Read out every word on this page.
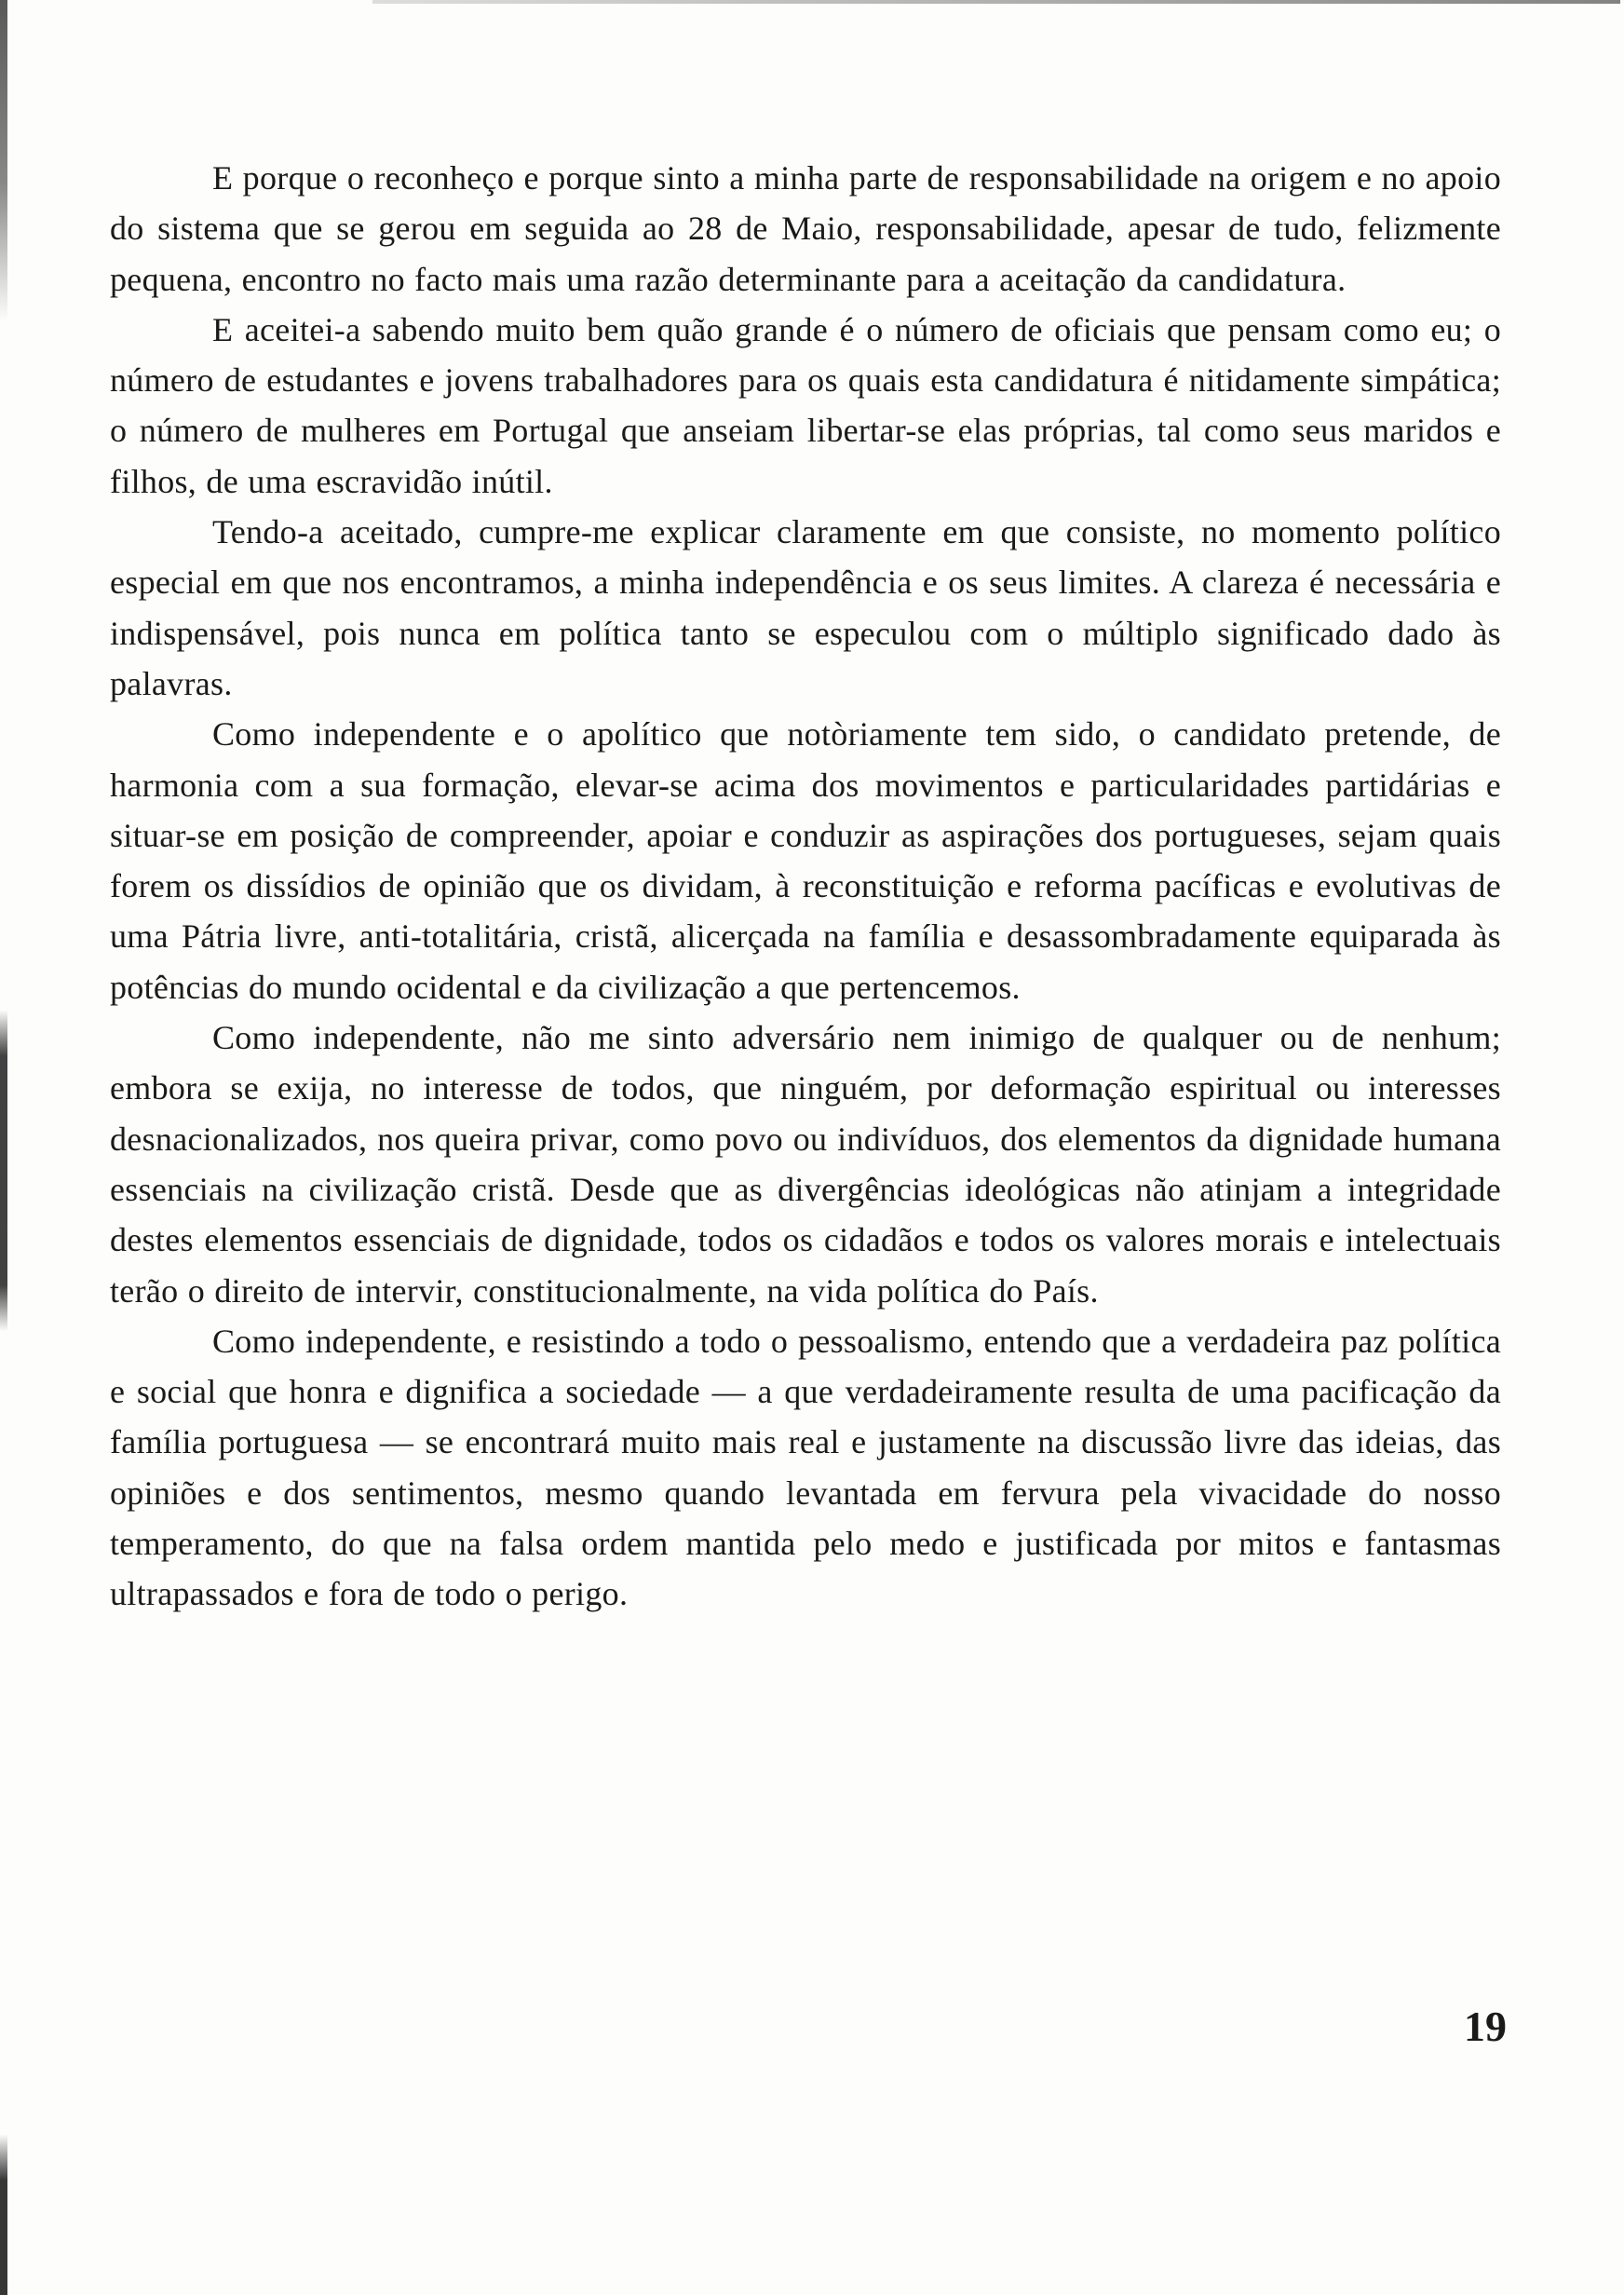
E porque o reconheço e porque sinto a minha parte de responsabilidade na origem e no apoio do sistema que se gerou em seguida ao 28 de Maio, responsabilidade, apesar de tudo, felizmente pequena, encontro no facto mais uma razão determinante para a aceitação da candidatura.

E aceitei-a sabendo muito bem quão grande é o número de oficiais que pensam como eu; o número de estudantes e jovens trabalhadores para os quais esta candidatura é nitidamente simpática; o número de mulheres em Portugal que anseiam libertar-se elas próprias, tal como seus maridos e filhos, de uma escravidão inútil.

Tendo-a aceitado, cumpre-me explicar claramente em que consiste, no momento político especial em que nos encontramos, a minha independência e os seus limites. A clareza é necessária e indispensável, pois nunca em política tanto se especulou com o múltiplo significado dado às palavras.

Como independente e o apolítico que notòriamente tem sido, o candidato pretende, de harmonia com a sua formação, elevar-se acima dos movimentos e particularidades partidárias e situar-se em posição de compreender, apoiar e conduzir as aspirações dos portugueses, sejam quais forem os dissídios de opinião que os dividam, à reconstituição e reforma pacíficas e evolutivas de uma Pátria livre, anti-totalitária, cristã, alicerçada na família e desassombradamente equiparada às potências do mundo ocidental e da civilização a que pertencemos.

Como independente, não me sinto adversário nem inimigo de qualquer ou de nenhum; embora se exija, no interesse de todos, que ninguém, por deformação espiritual ou interesses desnacionalizados, nos queira privar, como povo ou indivíduos, dos elementos da dignidade humana essenciais na civilização cristã. Desde que as divergências ideológicas não atinjam a integridade destes elementos essenciais de dignidade, todos os cidadãos e todos os valores morais e intelectuais terão o direito de intervir, constitucionalmente, na vida política do País.

Como independente, e resistindo a todo o pessoalismo, entendo que a verdadeira paz política e social que honra e dignifica a sociedade — a que verdadeiramente resulta de uma pacificação da família portuguesa — se encontrará muito mais real e justamente na discussão livre das ideias, das opiniões e dos sentimentos, mesmo quando levantada em fervura pela vivacidade do nosso temperamento, do que na falsa ordem mantida pelo medo e justificada por mitos e fantasmas ultrapassados e fora de todo o perigo.

19
